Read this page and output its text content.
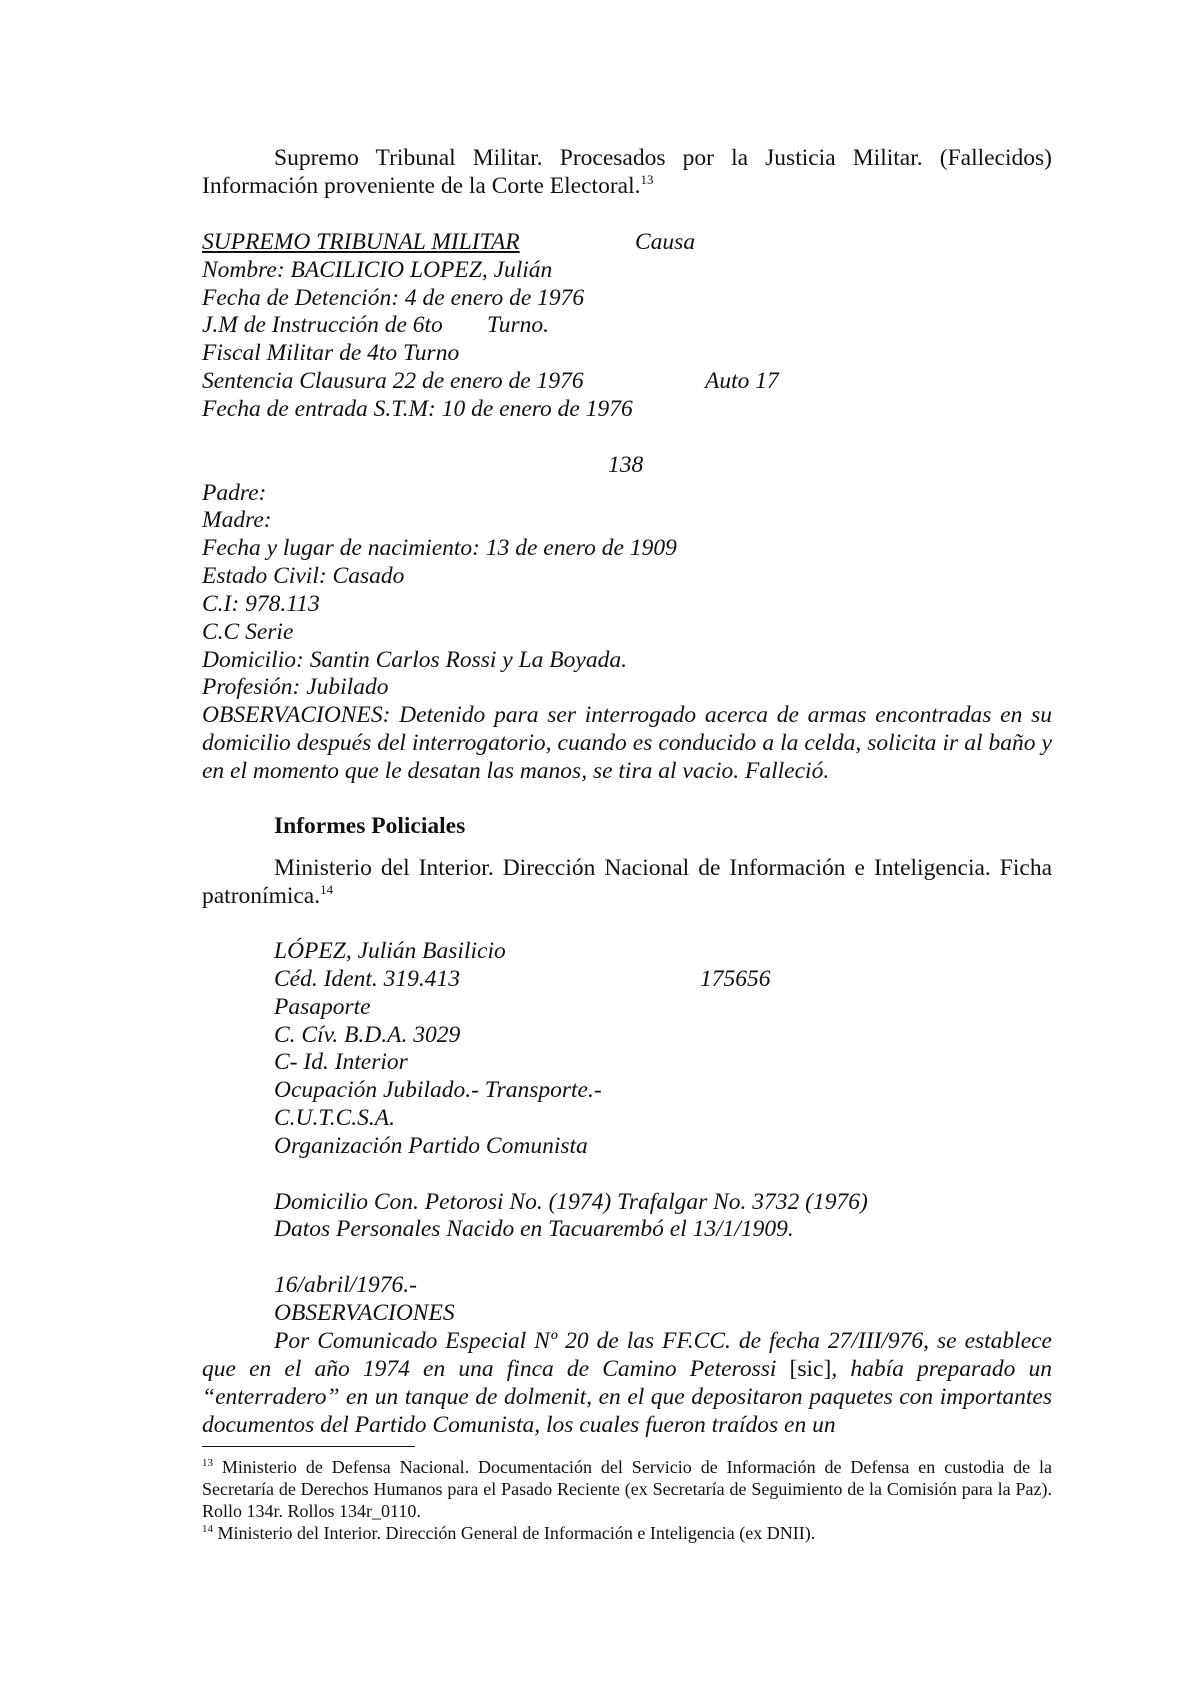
Supremo Tribunal Militar. Procesados por la Justicia Militar. (Fallecidos) Información proveniente de la Corte Electoral.$^{13}$

SUPREMO TRIBUNAL MILITAR	Causa
Nombre: BACILICIO LOPEZ, Julián
Fecha de Detención: 4 de enero de 1976
J.M de Instrucción de 6to Turno.
Fiscal Militar de 4to Turno
Sentencia Clausura 22 de enero de 1976	Auto 17
Fecha de entrada S.T.M: 10 de enero de 1976
138
Padre:
Madre:
Fecha y lugar de nacimiento: 13 de enero de 1909
Estado Civil: Casado
C.I: 978.113
C.C Serie
Domicilio: Santin Carlos Rossi y La Boyada.
Profesión: Jubilado

OBSERVACIONES: Detenido para ser interrogado acerca de armas encontradas en su domicilio después del interrogatorio, cuando es conducido a la celda, solicita ir al baño y en el momento que le desatan las manos, se tira al vacio. Falleció.

Informes Policiales

Ministerio del Interior. Dirección Nacional de Información e Inteligencia. Ficha patronímica.$^{14}$

LÓPEZ, Julián Basilicio
Céd. Ident. 319.413	175656
Pasaporte
C. Cív. B.D.A. 3029
C- Id. Interior
Ocupación Jubilado.- Transporte.-
C.U.T.C.S.A.
Organización Partido Comunista
Domicilio Con. Petorosi No. (1974) Trafalgar No. 3732 (1976)
Datos Personales Nacido en Tacuarembó el 13/1/1909.
16/abril/1976.-
OBSERVACIONES

Por Comunicado Especial Nº 20 de las FF.CC. de fecha 27/III/976, se establece que en el año 1974 en una finca de Camino Peterossi [sic], había preparado un “enterradero” en un tanque de dolmenit, en el que depositaron paquetes con importantes documentos del Partido Comunista, los cuales fueron traídos en un

$^{13}$ Ministerio de Defensa Nacional. Documentación del Servicio de Información de Defensa en custodia de la Secretaría de Derechos Humanos para el Pasado Reciente (ex Secretaría de Seguimiento de la Comisión para la Paz). Rollo 134r. Rollos 134r_0110.

$^{14}$ Ministerio del Interior. Dirección General de Información e Inteligencia (ex DNII).
